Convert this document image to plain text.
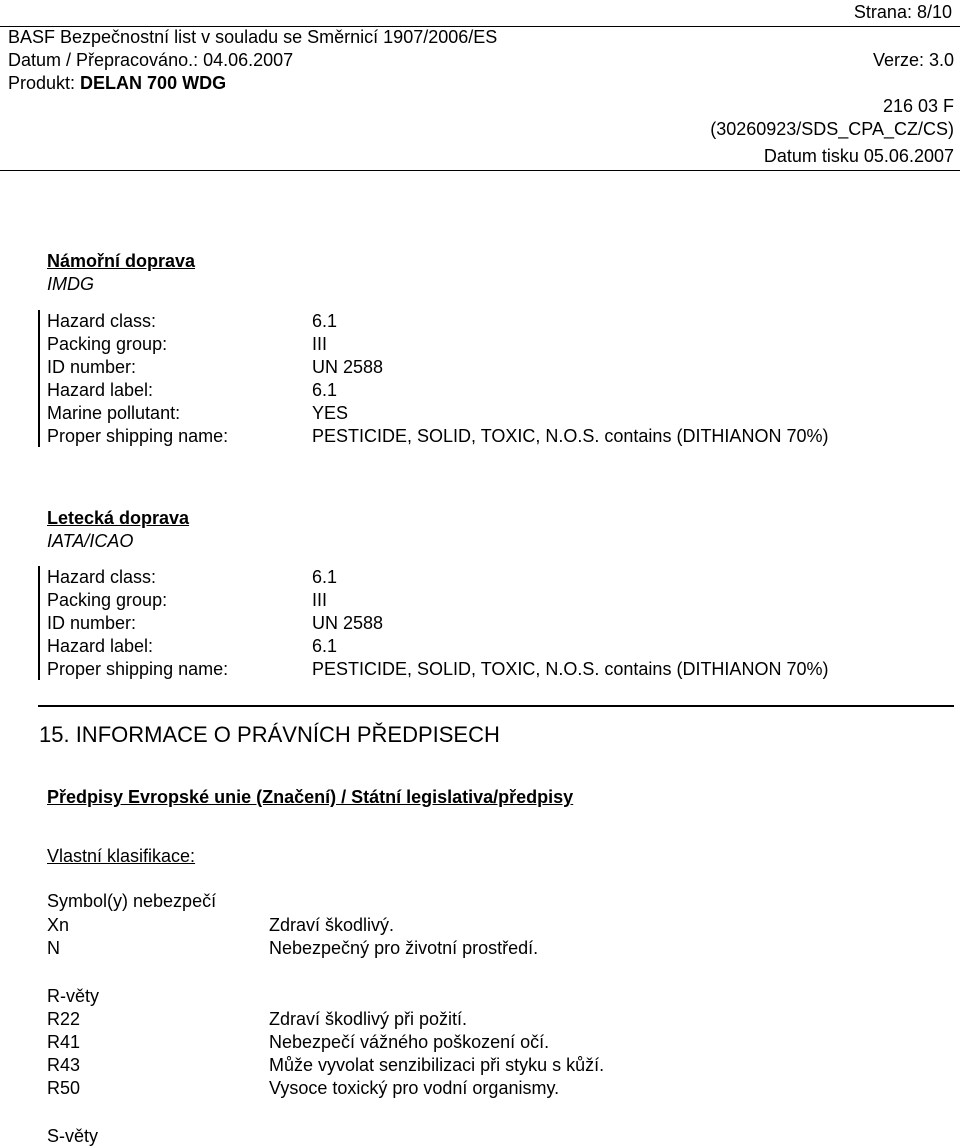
Strana: 8/10
BASF Bezpečnostní list v souladu se Směrnicí 1907/2006/ES
Datum / Přepracováno.: 04.06.2007	Verze: 3.0
Produkt: DELAN 700 WDG
216 03 F
(30260923/SDS_CPA_CZ/CS)
Datum tisku 05.06.2007
Námořní doprava
IMDG
Hazard class:	6.1
Packing group:	III
ID number:	UN 2588
Hazard label:	6.1
Marine pollutant:	YES
Proper shipping name:	PESTICIDE, SOLID, TOXIC, N.O.S. contains (DITHIANON 70%)
Letecká doprava
IATA/ICAO
Hazard class:	6.1
Packing group:	III
ID number:	UN 2588
Hazard label:	6.1
Proper shipping name:	PESTICIDE, SOLID, TOXIC, N.O.S. contains (DITHIANON 70%)
15. INFORMACE O PRÁVNÍCH PŘEDPISECH
Předpisy Evropské unie (Značení) / Státní legislativa/předpisy
Vlastní klasifikace:
Symbol(y) nebezpečí
Xn	Zdraví škodlivý.
N	Nebezpečný pro životní prostředí.
R-věty
R22	Zdraví škodlivý při požití.
R41	Nebezpečí vážného poškození očí.
R43	Může vyvolat senzibilizaci při styku s kůží.
R50	Vysoce toxický pro vodní organismy.
S-věty
